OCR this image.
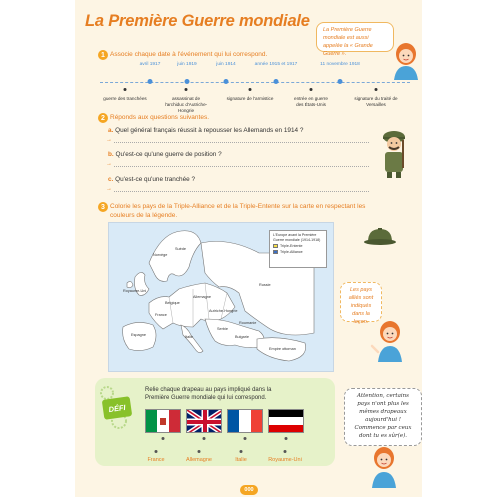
La Première Guerre mondiale	La Première Guerre mondiale est aussi appelée la « Grande Guerre ».
1 Associe chaque date à l'événement qui lui correspond.
avril 1917	juin 1919	juin 1914	année 1915 et 1917	11 novembre 1918
guerre des tranchées	assassinat de l'archiduc d'Autriche-Hongrie
signature de l'armistice	entrée en guerre des États-Unis
signature du traité de Versailles
2 Réponds aux questions suivantes.
a. Quel général français réussit à repousser les Allemands en 1914 ?
→
b. Qu'est-ce qu'une guerre de position ?
→
c. Qu'est-ce qu'une tranchée ?
→
3 Colorie les pays de la Triple-Alliance et de la Triple-Entente sur la carte en respectant les couleurs de la légende.
Norvège
Suède
Russie
Royaume-Uni
Allemagne
France
Autriche-Hongrie
Espagne	Italie
Empire ottoman
Roumanie
Serbie
Bulgarie
Belgique
L'Europe avant la Première Guerre mondiale (1914-1918)
Triple-Entente
Triple-Alliance
Les pays alliés sont indiqués dans la leçon.
DÉFI
Relie chaque drapeau au pays impliqué dans la Première Guerre mondiale qui lui correspond.
France	Allemagne	Italie	Royaume-Uni
Attention, certains pays n'ont plus les mêmes drapeaux aujourd'hui ! Commence par ceux dont tu es sûr(e).
000
